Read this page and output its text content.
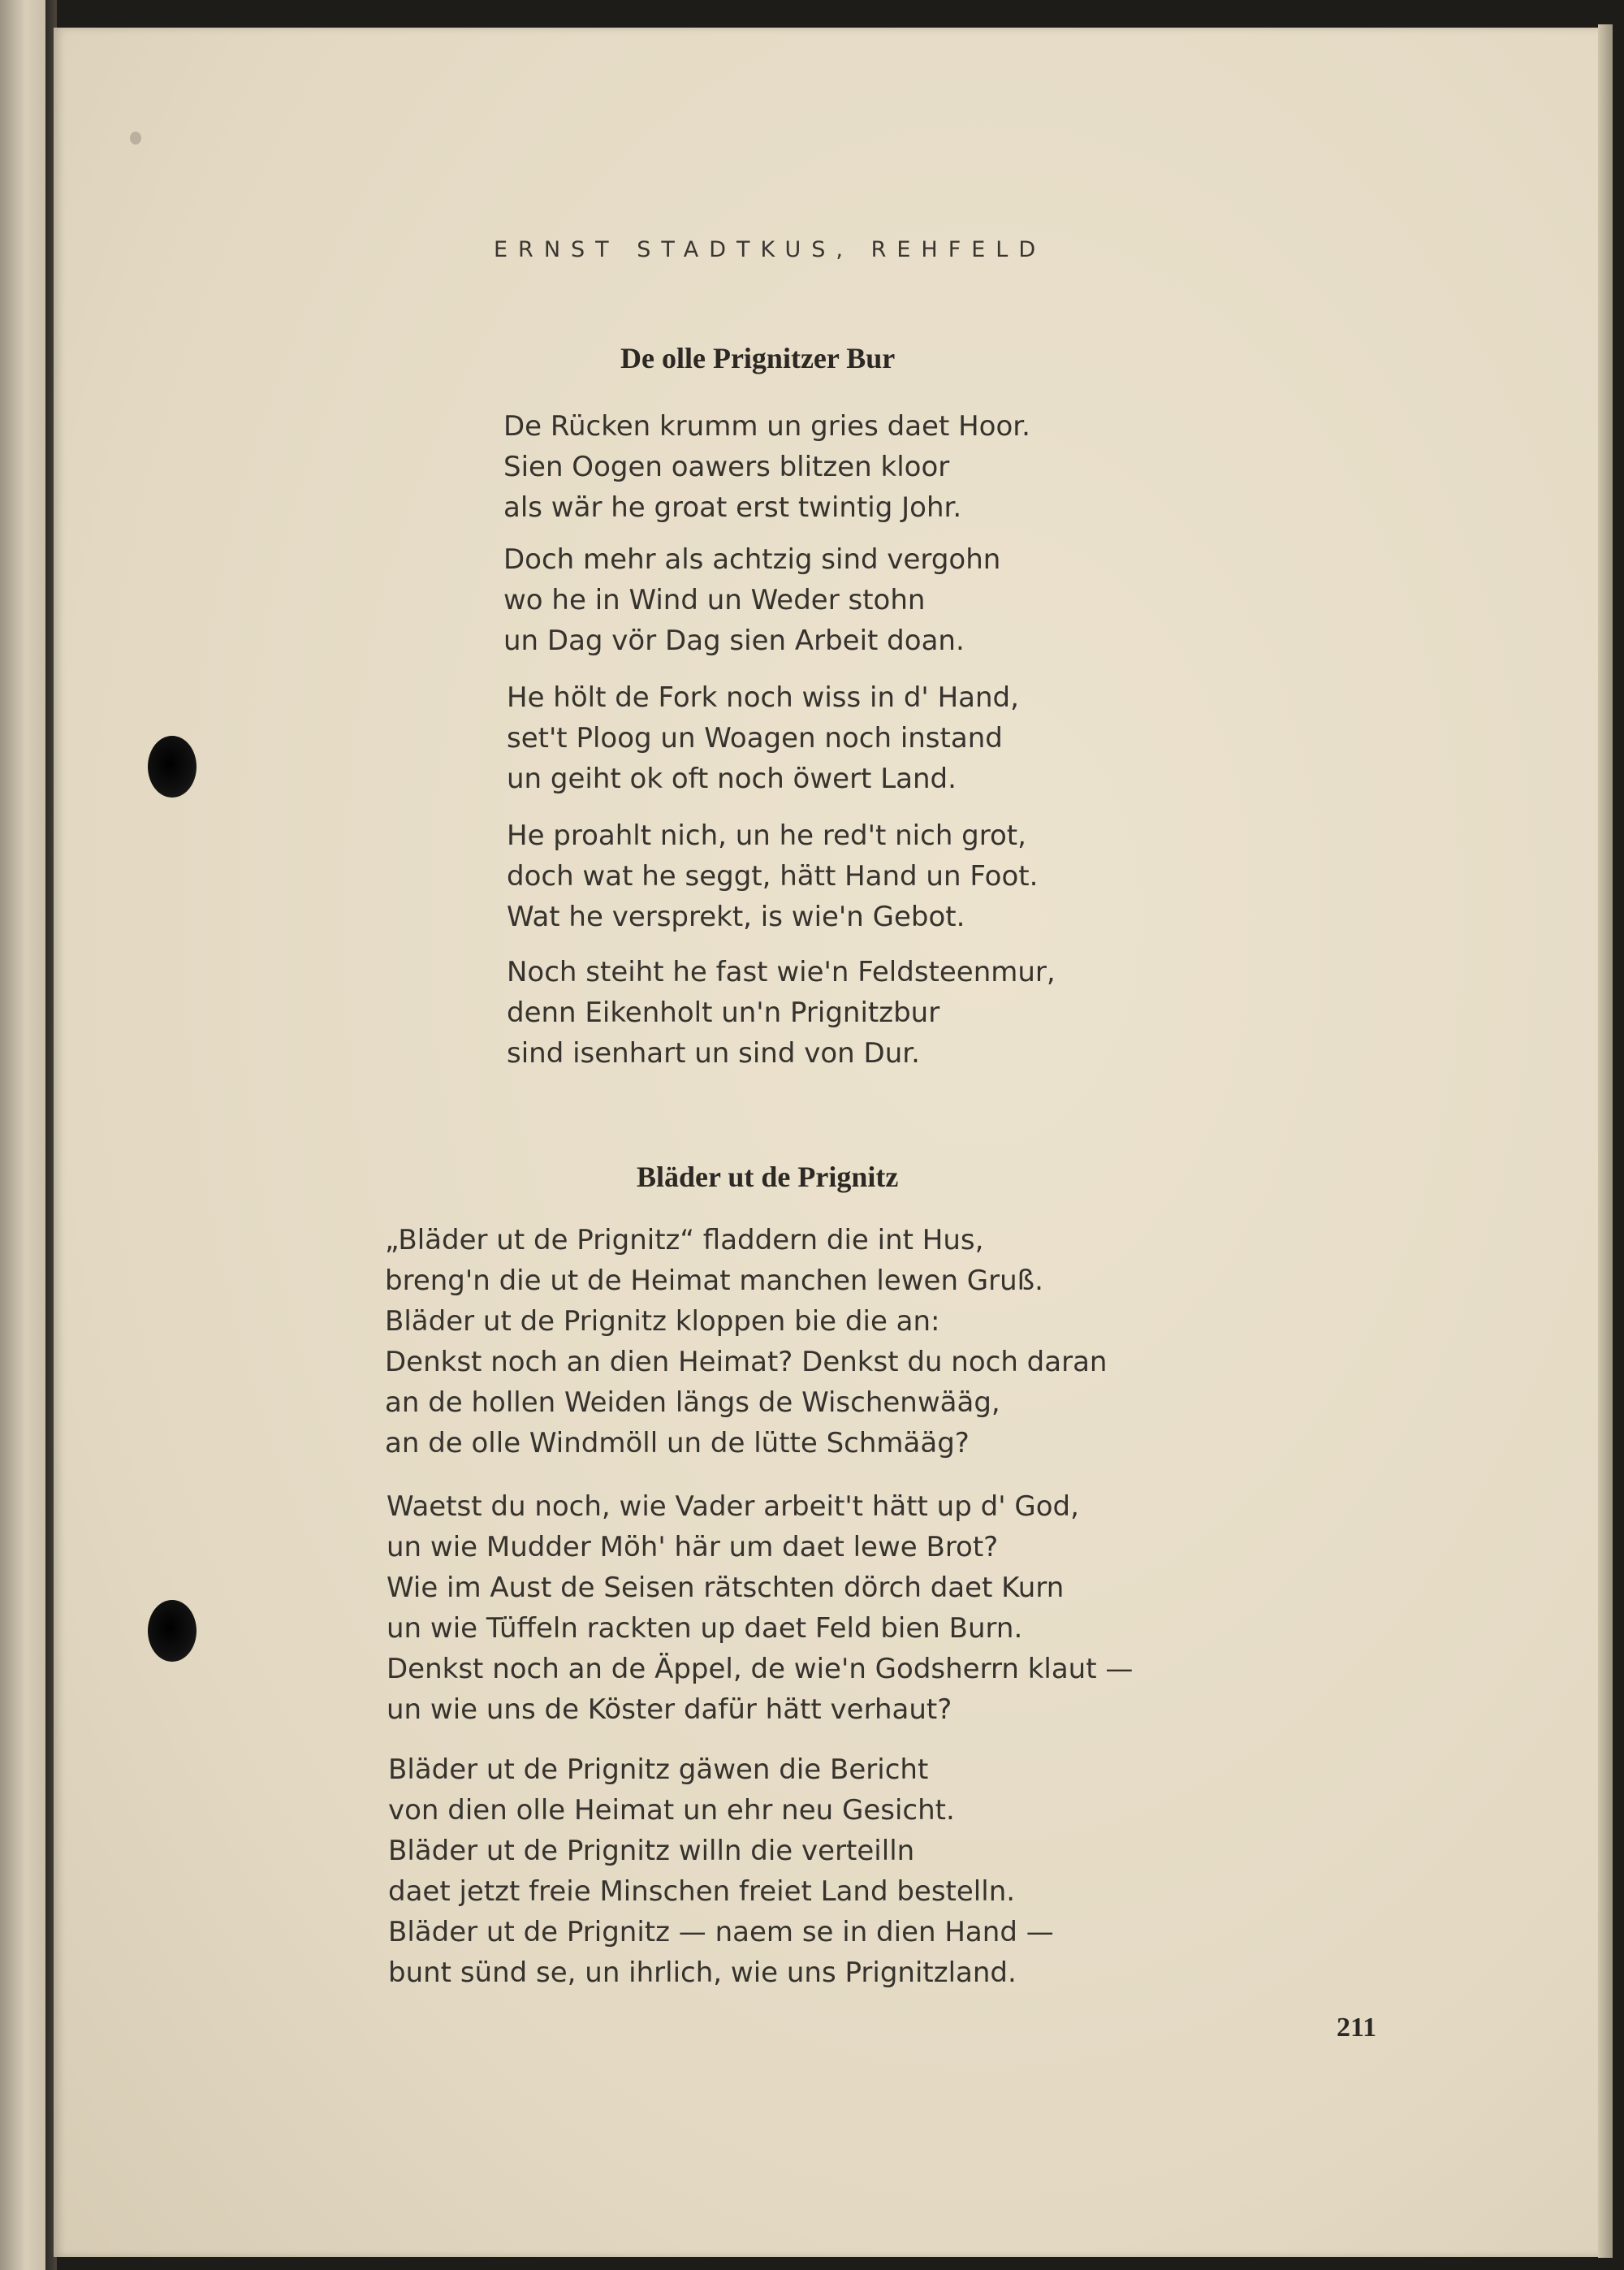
ERNST STADTKUS, REHFELD
De olle Prignitzer Bur
De Rücken krumm un gries daet Hoor.
Sien Oogen oawers blitzen kloor
als wär he groat erst twintig Johr.
Doch mehr als achtzig sind vergohn
wo he in Wind un Weder stohn
un Dag vör Dag sien Arbeit doan.
He hölt de Fork noch wiss in d' Hand,
set't Ploog un Woagen noch instand
un geiht ok oft noch öwert Land.
He proahlt nich, un he red't nich grot,
doch wat he seggt, hätt Hand un Foot.
Wat he versprekt, is wie'n Gebot.
Noch steiht he fast wie'n Feldsteenmur,
denn Eikenholt un'n Prignitzbur
sind isenhart un sind von Dur.
Bläder ut de Prignitz
„Bläder ut de Prignitz“ fladdern die int Hus,
breng'n die ut de Heimat manchen lewen Gruß.
Bläder ut de Prignitz kloppen bie die an:
Denkst noch an dien Heimat? Denkst du noch daran
an de hollen Weiden längs de Wischenwääg,
an de olle Windmöll un de lütte Schmääg?
Waetst du noch, wie Vader arbeit't hätt up d' God,
un wie Mudder Möh' här um daet lewe Brot?
Wie im Aust de Seisen rätschten dörch daet Kurn
un wie Tüffeln rackten up daet Feld bien Burn.
Denkst noch an de Äppel, de wie'n Godsherrn klaut —
un wie uns de Köster dafür hätt verhaut?
Bläder ut de Prignitz gäwen die Bericht
von dien olle Heimat un ehr neu Gesicht.
Bläder ut de Prignitz willn die verteilln
daet jetzt freie Minschen freiet Land bestelln.
Bläder ut de Prignitz — naem se in dien Hand —
bunt sünd se, un ihrlich, wie uns Prignitzland.
211
